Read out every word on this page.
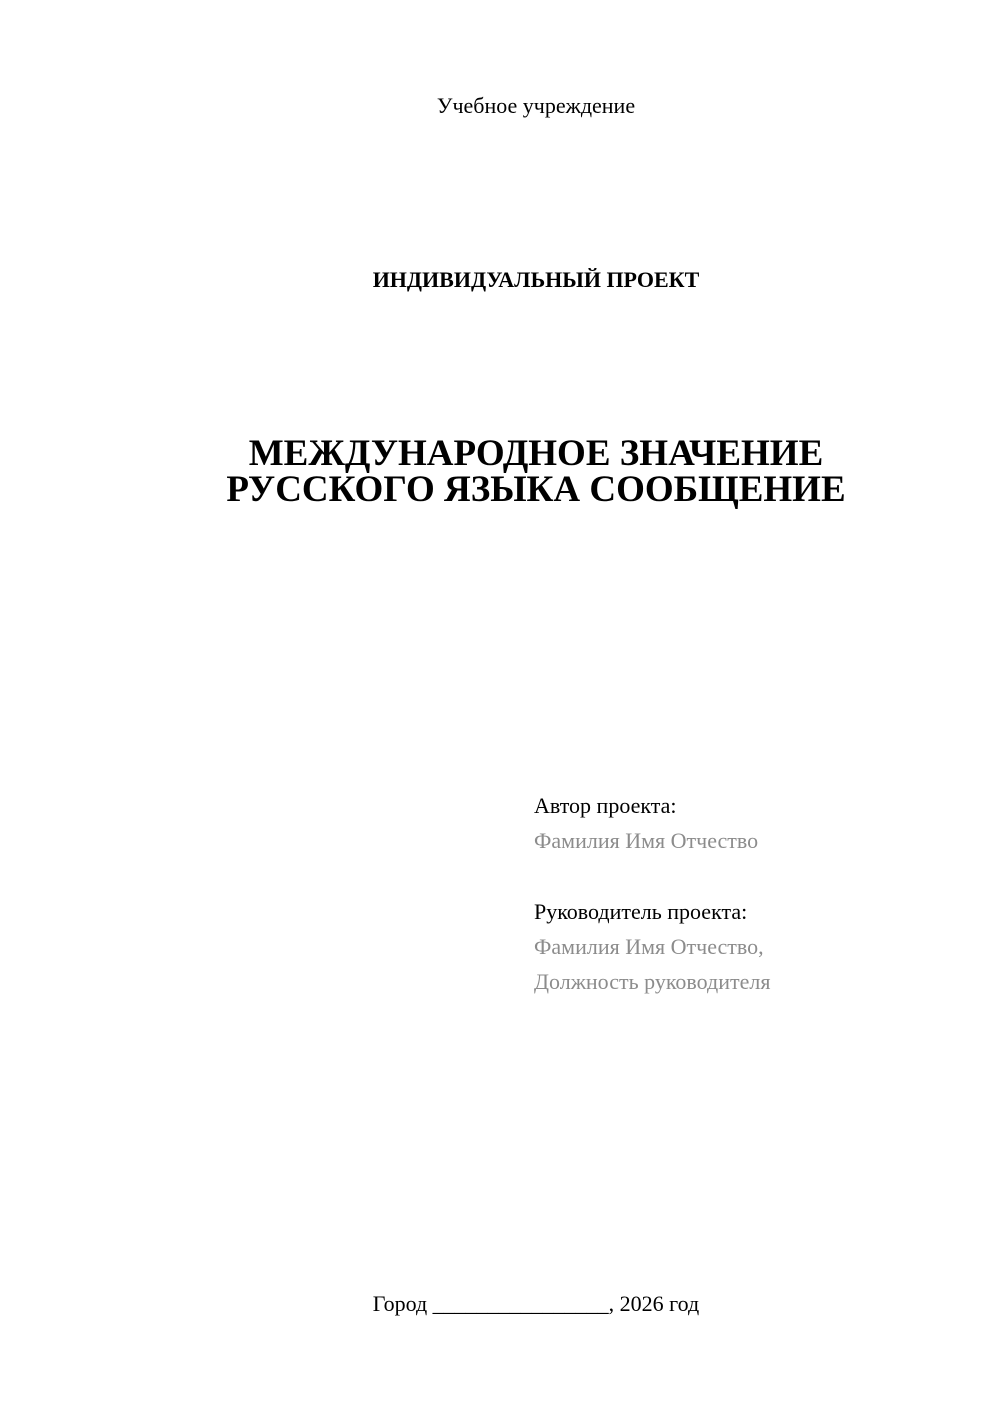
Учебное учреждение
ИНДИВИДУАЛЬНЫЙ ПРОЕКТ
МЕЖДУНАРОДНОЕ ЗНАЧЕНИЕ
РУССКОГО ЯЗЫКА СООБЩЕНИЕ
Автор проекта:
Фамилия Имя Отчество
Руководитель проекта:
Фамилия Имя Отчество,
Должность руководителя
Город ________________, 2026 год
